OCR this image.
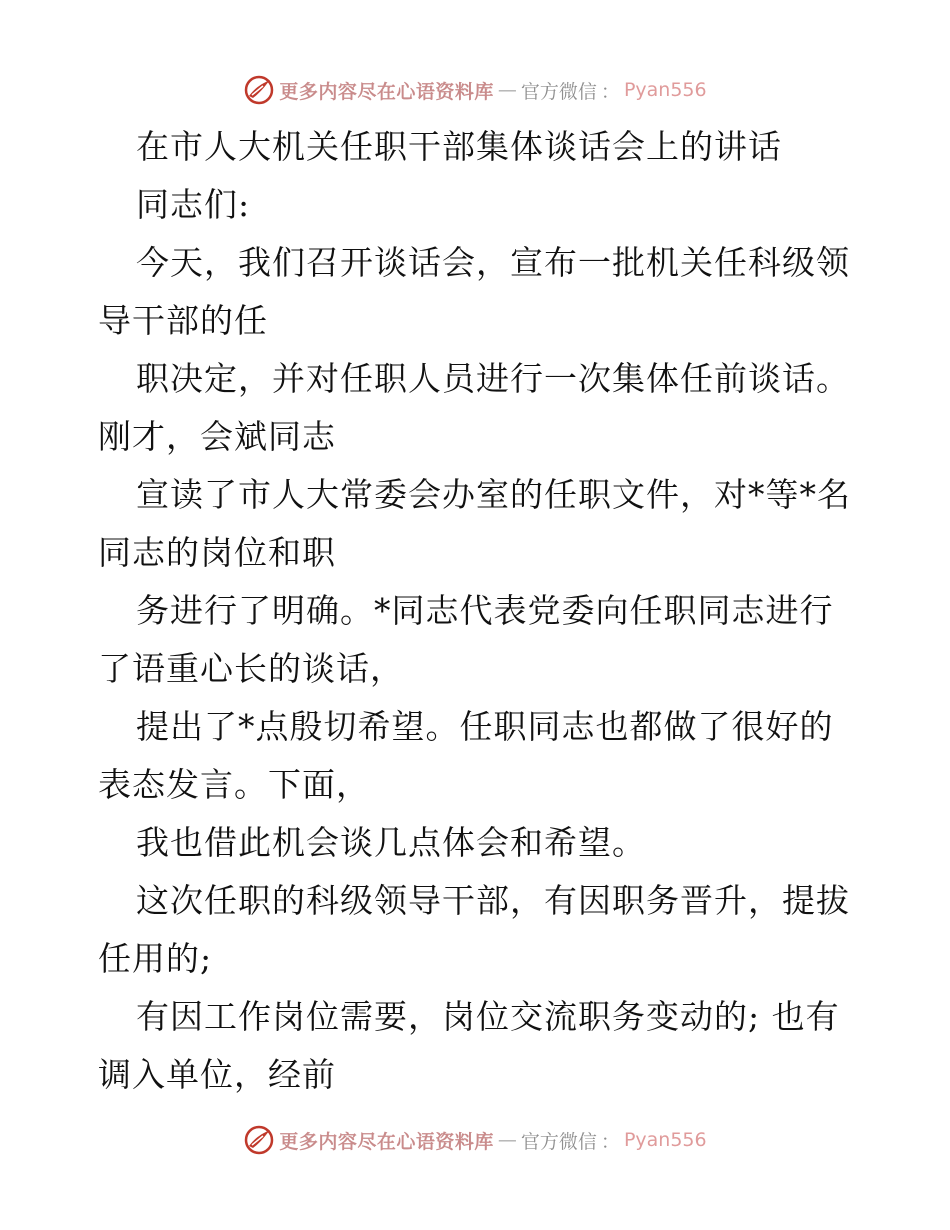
更多内容尽在心语资料库 — 官方微信 ： Pyan556
在市人大机关任职干部集体谈话会上的讲话
同志们:
今天，我们召开谈话会，宣布一批机关任科级领
导干部的任
职决定，并对任职人员进行一次集体任前谈话。
刚才，会斌同志
宣读了市人大常委会办室的任职文件，对*等*名
同志的岗位和职
务进行了明确。*同志代表党委向任职同志进行
了语重心长的谈话，
提出了*点殷切希望。任职同志也都做了很好的
表态发言。下面，
我也借此机会谈几点体会和希望。
这次任职的科级领导干部，有因职务晋升，提拔
任用的;
有因工作岗位需要，岗位交流职务变动的; 也有
调入单位，经前
更多内容尽在心语资料库 — 官方微信 ： Pyan556
